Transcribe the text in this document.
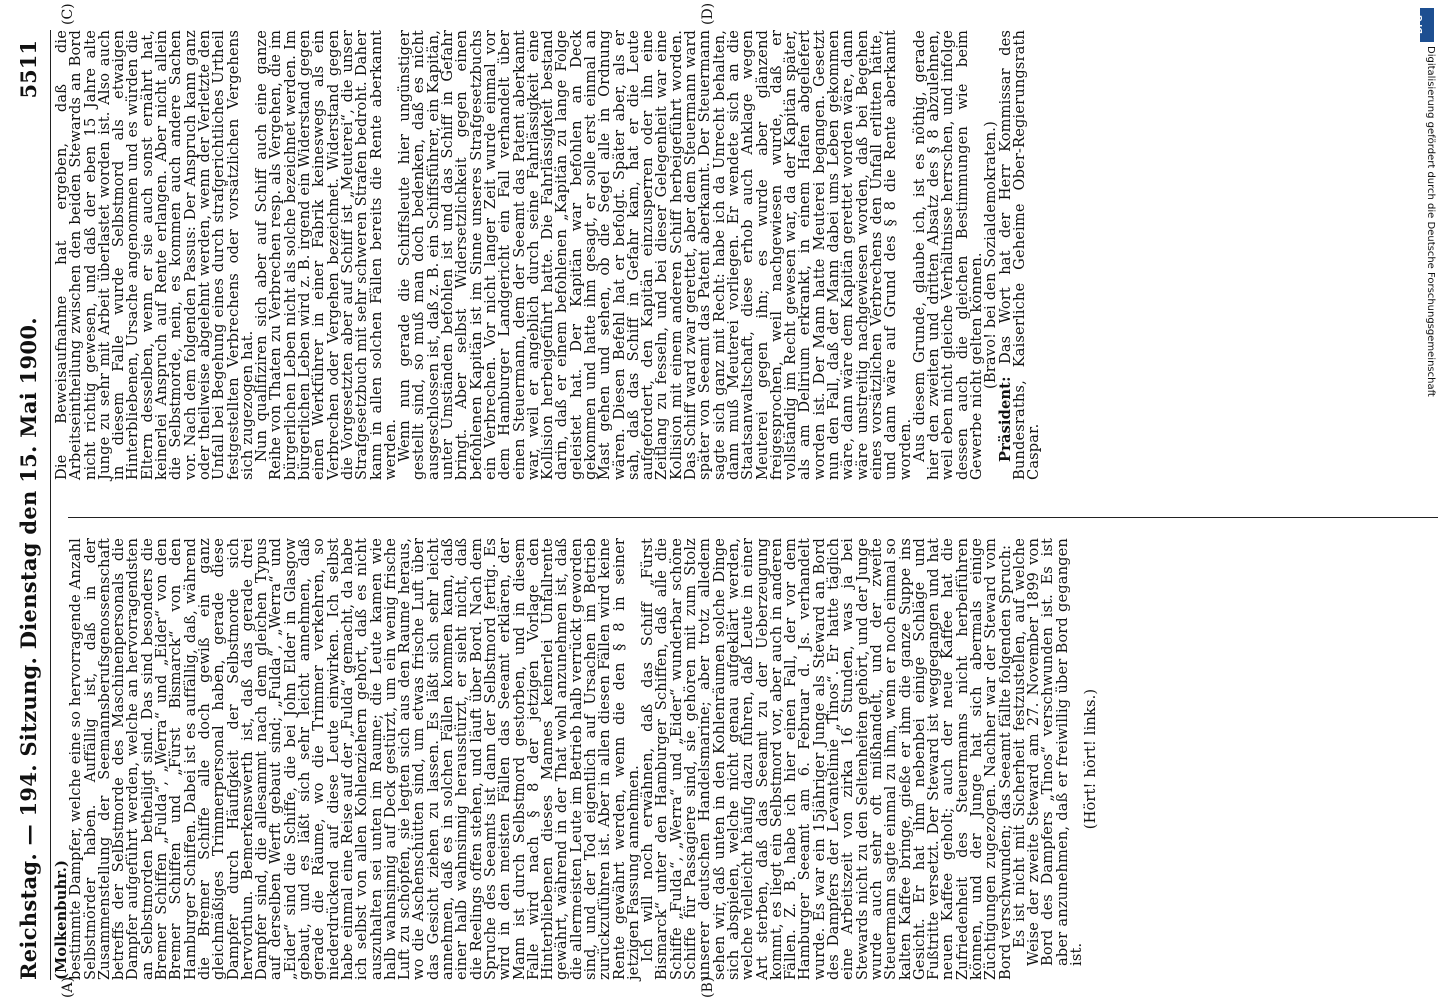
Reichstag. — 194. Sitzung. Dienstag den 15. Mai 1900.
5511
(A)	(B)
(C)	(D)

(Molkenbuhr.)

bestimmte Dampfer, welche eine so hervorragende Anzahl Selbstmörder haben. Auffällig ist, daß in der Zusammenstellung der Seemannsberufsgenossenschaft betreffs der Selbstmorde des Maschinenpersonals die Dampfer aufgeführt werden, welche an hervorragendsten an Selbstmorden betheiligt sind. Das sind besonders die Bremer Schiffen „Fulda“, „Werra“ und „Eider“ von den Bremer Schiffen und „Fürst Bismarck“ von den Hamburger Schiffen. Dabei ist es auffällig, daß, während die Bremer Schiffe alle doch gewiß ein ganz gleichmäßiges Trimmerpersonal haben, gerade diese Dampfer durch Häufigkeit der Selbstmorde sich hervorthun. Bemerkenswerth ist, daß das gerade drei Dampfer sind, die allesammt nach dem gleichen Typus auf derselben Werft gebaut sind; „Fulda“, „Werra“ und „Eider“ sind die Schiffe, die bei John Elder in Glasgow gebaut, und es läßt sich sehr leicht annehmen, daß gerade die Räume, wo die Trimmer verkehren, so niederdrückend auf diese Leute einwirken. Ich selbst habe einmal eine Reise auf der „Fulda“ gemacht, da habe ich selbst von allen Kohlenziehern gehört, daß es nicht auszuhalten sei unten im Raume; die Leute kamen wie halb wahnsinnig auf Deck gestürzt, um ein wenig frische Luft zu schöpfen, sie legten sich aus den Raume heraus, wo die Aschenschütten sind, um etwas frische Luft über das Gesicht ziehen zu lassen. Es läßt sich sehr leicht annehmen, daß es in solchen Fällen kommen kann, daß einer halb wahnsinnig herausstürzt, er sieht nicht, daß die Reelings offen stehen, und läuft über Bord. Nach dem Spruche des Seeamts ist dann der Selbstmord fertig. Es wird in den meisten Fällen das Seeamt erklären, der Mann ist durch Selbstmord gestorben, und in diesem Falle wird nach § 8 der jetzigen Vorlage den Hinterbliebenen dieses Mannes keinerlei Unfallrente gewährt, während in der That wohl anzunehmen ist, daß die allermeisten Leute im Betrieb halb verrückt geworden sind, und der Tod eigentlich auf Ursachen im Betrieb zurückzuführen ist. Aber in allen diesen Fällen wird keine Rente gewährt werden, wenn die den § 8 in seiner jetzigen Fassung annehmen.

Ich will noch erwähnen, daß das Schiff „Fürst Bismarck“ unter den Hamburger Schiffen, daß alle die Schiffe „Fulda“, „Werra“ und „Eider“ wunderbar schöne Schiffe für Passagiere sind, sie gehören mit zum Stolz unserer deutschen Handelsmarine; aber trotz alledem sehen wir, daß unten in den Kohlenräumen solche Dinge sich abspielen, welche nicht genau aufgeklärt werden, welche vielleicht häufig dazu führen, daß Leute in einer Art sterben, daß das Seeamt zu der Ueberzeugung kommt, es liegt ein Selbstmord vor, aber auch in anderen Fällen. Z. B. habe ich hier einen Fall, der vor dem Hamburger Seeamt am 6. Februar d. Js. verhandelt wurde. Es war ein 15jähriger Junge als Steward an Bord des Dampfers der Levantelinie „Tinos“. Er hatte täglich eine Arbeitszeit von zirka 16 Stunden, was ja bei Stewards nicht zu den Seltenheiten gehört, und der Junge wurde auch sehr oft mißhandelt, und der zweite Steuermann sagte einmal zu ihm, wenn er noch einmal so kalten Kaffee bringe, gieße er ihm die ganze Suppe ins Gesicht. Er hat ihm nebenbei einige Schläge und Fußtritte versetzt. Der Steward ist weggegangen und hat neuen Kaffee geholt; auch der neue Kaffee hat die Zufriedenheit des Steuermanns nicht herbeiführen können, und der Junge hat sich abermals einige Züchtigungen zugezogen. Nachher war der Steward vom Bord verschwunden; das Seeamt fällte folgenden Spruch:

Es ist nicht mit Sicherheit festzustellen, auf welche Weise der zweite Steward am 27. November 1899 von Bord des Dampfers „Tinos“ verschwunden ist. Es ist aber anzunehmen, daß er freiwillig über Bord gegangen ist.

(Hört! hört! links.)

Die Beweisaufnahme hat ergeben, daß die Arbeitseintheilung zwischen den beiden Stewards an Bord nicht richtig gewesen, und daß der eben 15 Jahre alte Junge zu sehr mit Arbeit überlastet worden ist. Also auch in diesem Falle wurde Selbstmord als etwaigen Hinterbliebenen, Ursache angenommen und es würden die Eltern desselben, wenn er sie auch sonst ernährt hat, keinerlei Anspruch auf Rente erlangen. Aber nicht allein die Selbstmorde, nein, es kommen auch andere Sachen vor. Nach dem folgenden Passus: Der Anspruch kann ganz oder theilweise abgelehnt werden, wenn der Verletzte den Unfall bei Begehung eines durch strafgerichtliches Urtheil festgestellten Verbrechens oder vorsätzlichen Vergehens sich zugezogen hat.

Nun qualifiziren sich aber auf Schiff auch eine ganze Reihe von Thaten zu Verbrechen resp. als Vergehen, die im bürgerlichen Leben nicht als solche bezeichnet werden. Im bürgerlichen Leben wird z. B. irgend ein Widerstand gegen einen Werkführer in einer Fabrik keineswegs als ein Verbrechen oder Vergehen bezeichnet. Widerstand gegen die Vorgesetzten aber auf Schiff ist „Meuterei“, die unser Strafgesetzbuch mit sehr schweren Strafen bedroht. Daher kann in allen solchen Fällen bereits die Rente aberkannt werden.

Wenn nun gerade die Schiffsleute hier ungünstiger gestellt sind, so muß man doch bedenken, daß es nicht ausgeschlossen ist, daß z. B. ein Schiffsführer, ein Kapitän, unter Umständen befohlen ist und das Schiff in Gefahr bringt. Aber selbst Widersetzlichkeit gegen einen befohlenen Kapitän ist im Sinne unseres Strafgesetzbuchs ein Verbrechen. Vor nicht langer Zeit wurde einmal vor dem Hamburger Landgericht ein Fall verhandelt über einen Steuermann, dem der Seeamt das Patent aberkannt war, weil er angeblich durch seine Fahrlässigkeit eine Kollision herbeigeführt hatte. Die Fahrlässigkeit bestand darin, daß er einem befohlenen „Kapitän zu lange Folge geleistet hat. Der Kapitän war befohlen an Deck gekommen und hatte ihm gesagt, er solle erst einmal an Mast gehen und sehen, ob die Segel alle in Ordnung wären. Diesen Befehl hat er befolgt. Später aber, als er sah, daß das Schiff in Gefahr kam, hat er die Leute aufgefordert, den Kapitän einzusperren oder ihn eine Zeitlang zu fesseln, und bei dieser Gelegenheit war eine Kollision mit einem anderen Schiff herbeigeführt worden. Das Schiff ward zwar gerettet, aber dem Steuermann ward später von Seeamt das Patent aberkannt. Der Steuermann sagte sich ganz mit Recht: habe ich da Unrecht behalten, dann muß Meuterei vorliegen. Er wendete sich an die Staatsanwaltschaft, diese erhob auch Anklage wegen Meuterei gegen ihn; es wurde aber glänzend freigesprochen, weil nachgewiesen wurde, daß er vollständig im Recht gewesen war, da der Kapitän später, als am Delirium erkrankt, in einem Hafen abgeliefert worden ist. Der Mann hatte Meuterei begangen. Gesetzt nun den Fall, daß der Mann dabei ums Leben gekommen wäre, dann wäre dem Kapitän gerettet worden wäre, dann wäre unstreitig nachgewiesen worden, daß bei Begehen eines vorsätzlichen Verbrechens den Unfall erlitten hätte, und dann wäre auf Grund des § 8 die Rente aberkannt worden.

Aus diesem Grunde, glaube ich, ist es nöthig, gerade hier den zweiten und dritten Absatz des § 8 abzulehnen, weil eben nicht gleiche Verhältnisse herrschen, und infolge dessen auch die gleichen Bestimmungen wie beim Gewerbe nicht gelten können.

(Bravo! bei den Sozialdemokraten.)

Präsident: Das Wort hat der Herr Kommissar des Bundesraths, Kaiserliche Geheime Ober-Regierungsrath Caspar.

DFG
Digitalisierung gefördert durch die Deutsche Forschungsgemeinschaft
